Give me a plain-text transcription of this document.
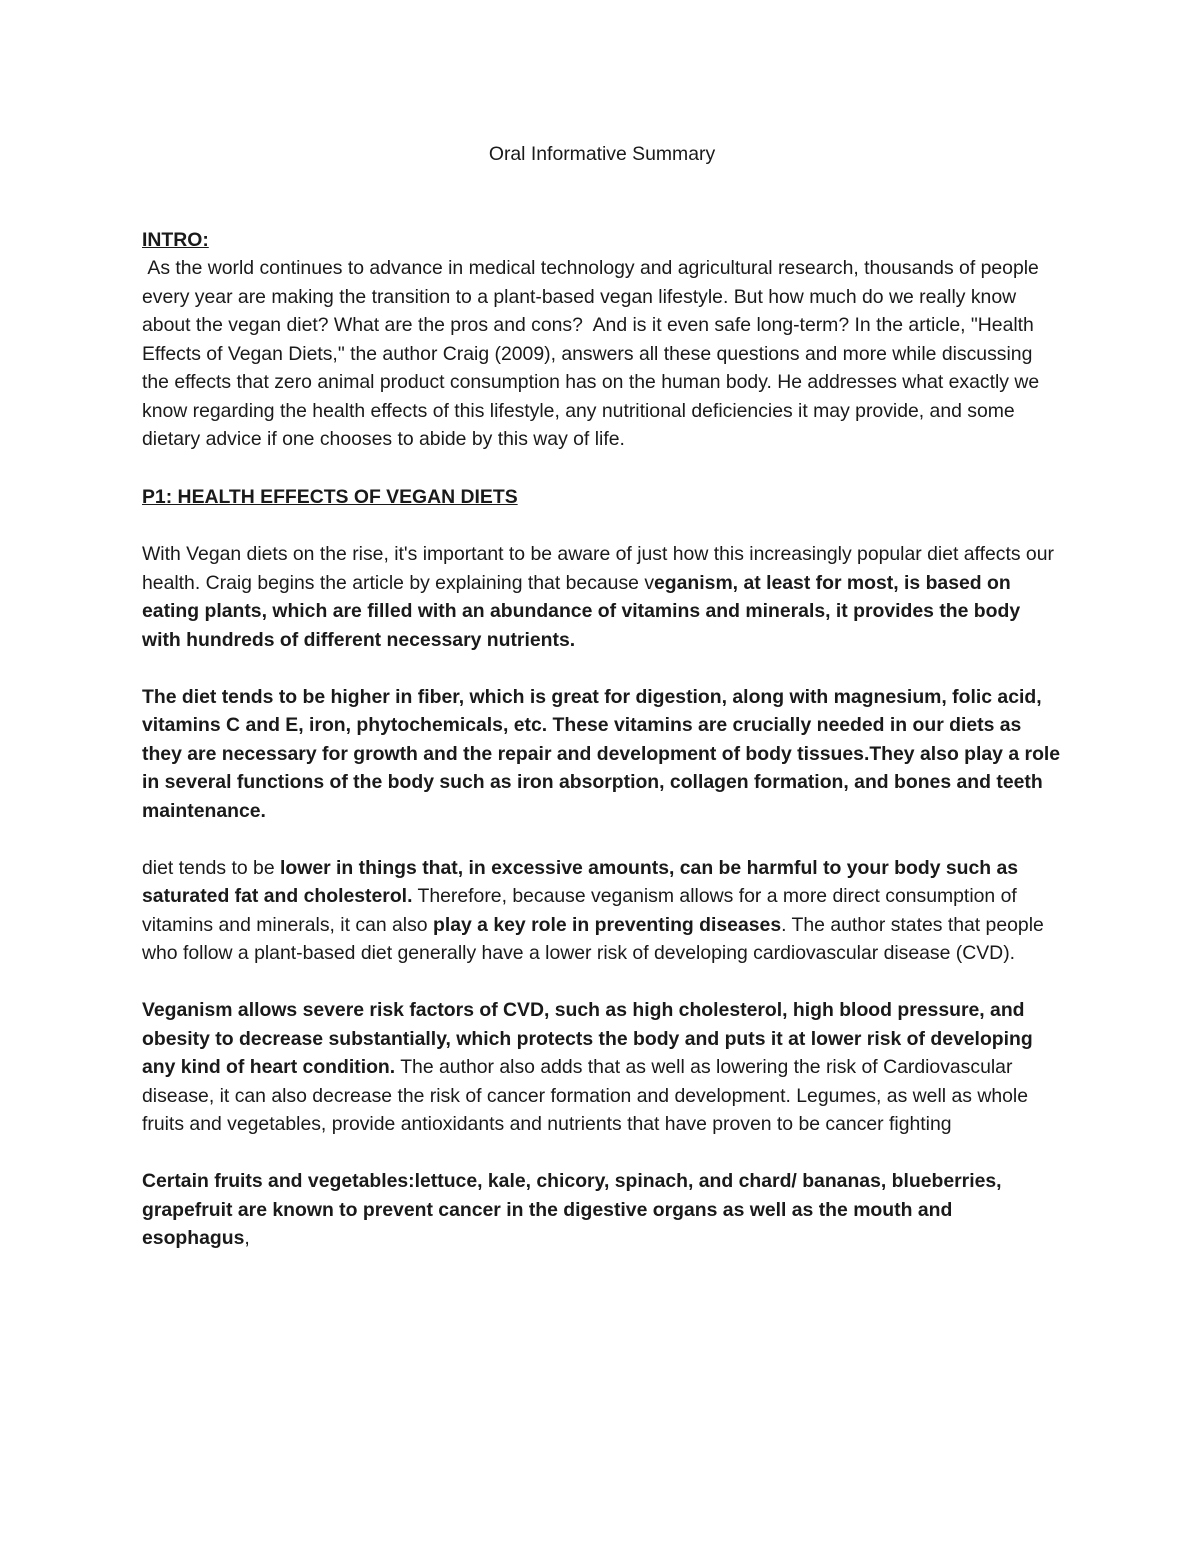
Oral Informative Summary

INTRO:

As the world continues to advance in medical technology and agricultural research, thousands of people every year are making the transition to a plant-based vegan lifestyle. But how much do we really know about the vegan diet? What are the pros and cons?  And is it even safe long-term? In the article, "Health Effects of Vegan Diets," the author Craig (2009), answers all these questions and more while discussing the effects that zero animal product consumption has on the human body. He addresses what exactly we know regarding the health effects of this lifestyle, any nutritional deficiencies it may provide, and some dietary advice if one chooses to abide by this way of life.

P1: HEALTH EFFECTS OF VEGAN DIETS

With Vegan diets on the rise, it's important to be aware of just how this increasingly popular diet affects our health. Craig begins the article by explaining that because veganism, at least for most, is based on eating plants, which are filled with an abundance of vitamins and minerals, it provides the body with hundreds of different necessary nutrients.

The diet tends to be higher in fiber, which is great for digestion, along with magnesium, folic acid, vitamins C and E, iron, phytochemicals, etc. These vitamins are crucially needed in our diets as they are necessary for growth and the repair and development of body tissues.They also play a role in several functions of the body such as iron absorption, collagen formation, and bones and teeth maintenance.

diet tends to be lower in things that, in excessive amounts, can be harmful to your body such as saturated fat and cholesterol. Therefore, because veganism allows for a more direct consumption of vitamins and minerals, it can also play a key role in preventing diseases. The author states that people who follow a plant-based diet generally have a lower risk of developing cardiovascular disease (CVD).

Veganism allows severe risk factors of CVD, such as high cholesterol, high blood pressure, and obesity to decrease substantially, which protects the body and puts it at lower risk of developing any kind of heart condition. The author also adds that as well as lowering the risk of Cardiovascular disease, it can also decrease the risk of cancer formation and development. Legumes, as well as whole fruits and vegetables, provide antioxidants and nutrients that have proven to be cancer fighting

Certain fruits and vegetables:lettuce, kale, chicory, spinach, and chard/ bananas, blueberries, grapefruit are known to prevent cancer in the digestive organs as well as the mouth and esophagus,
